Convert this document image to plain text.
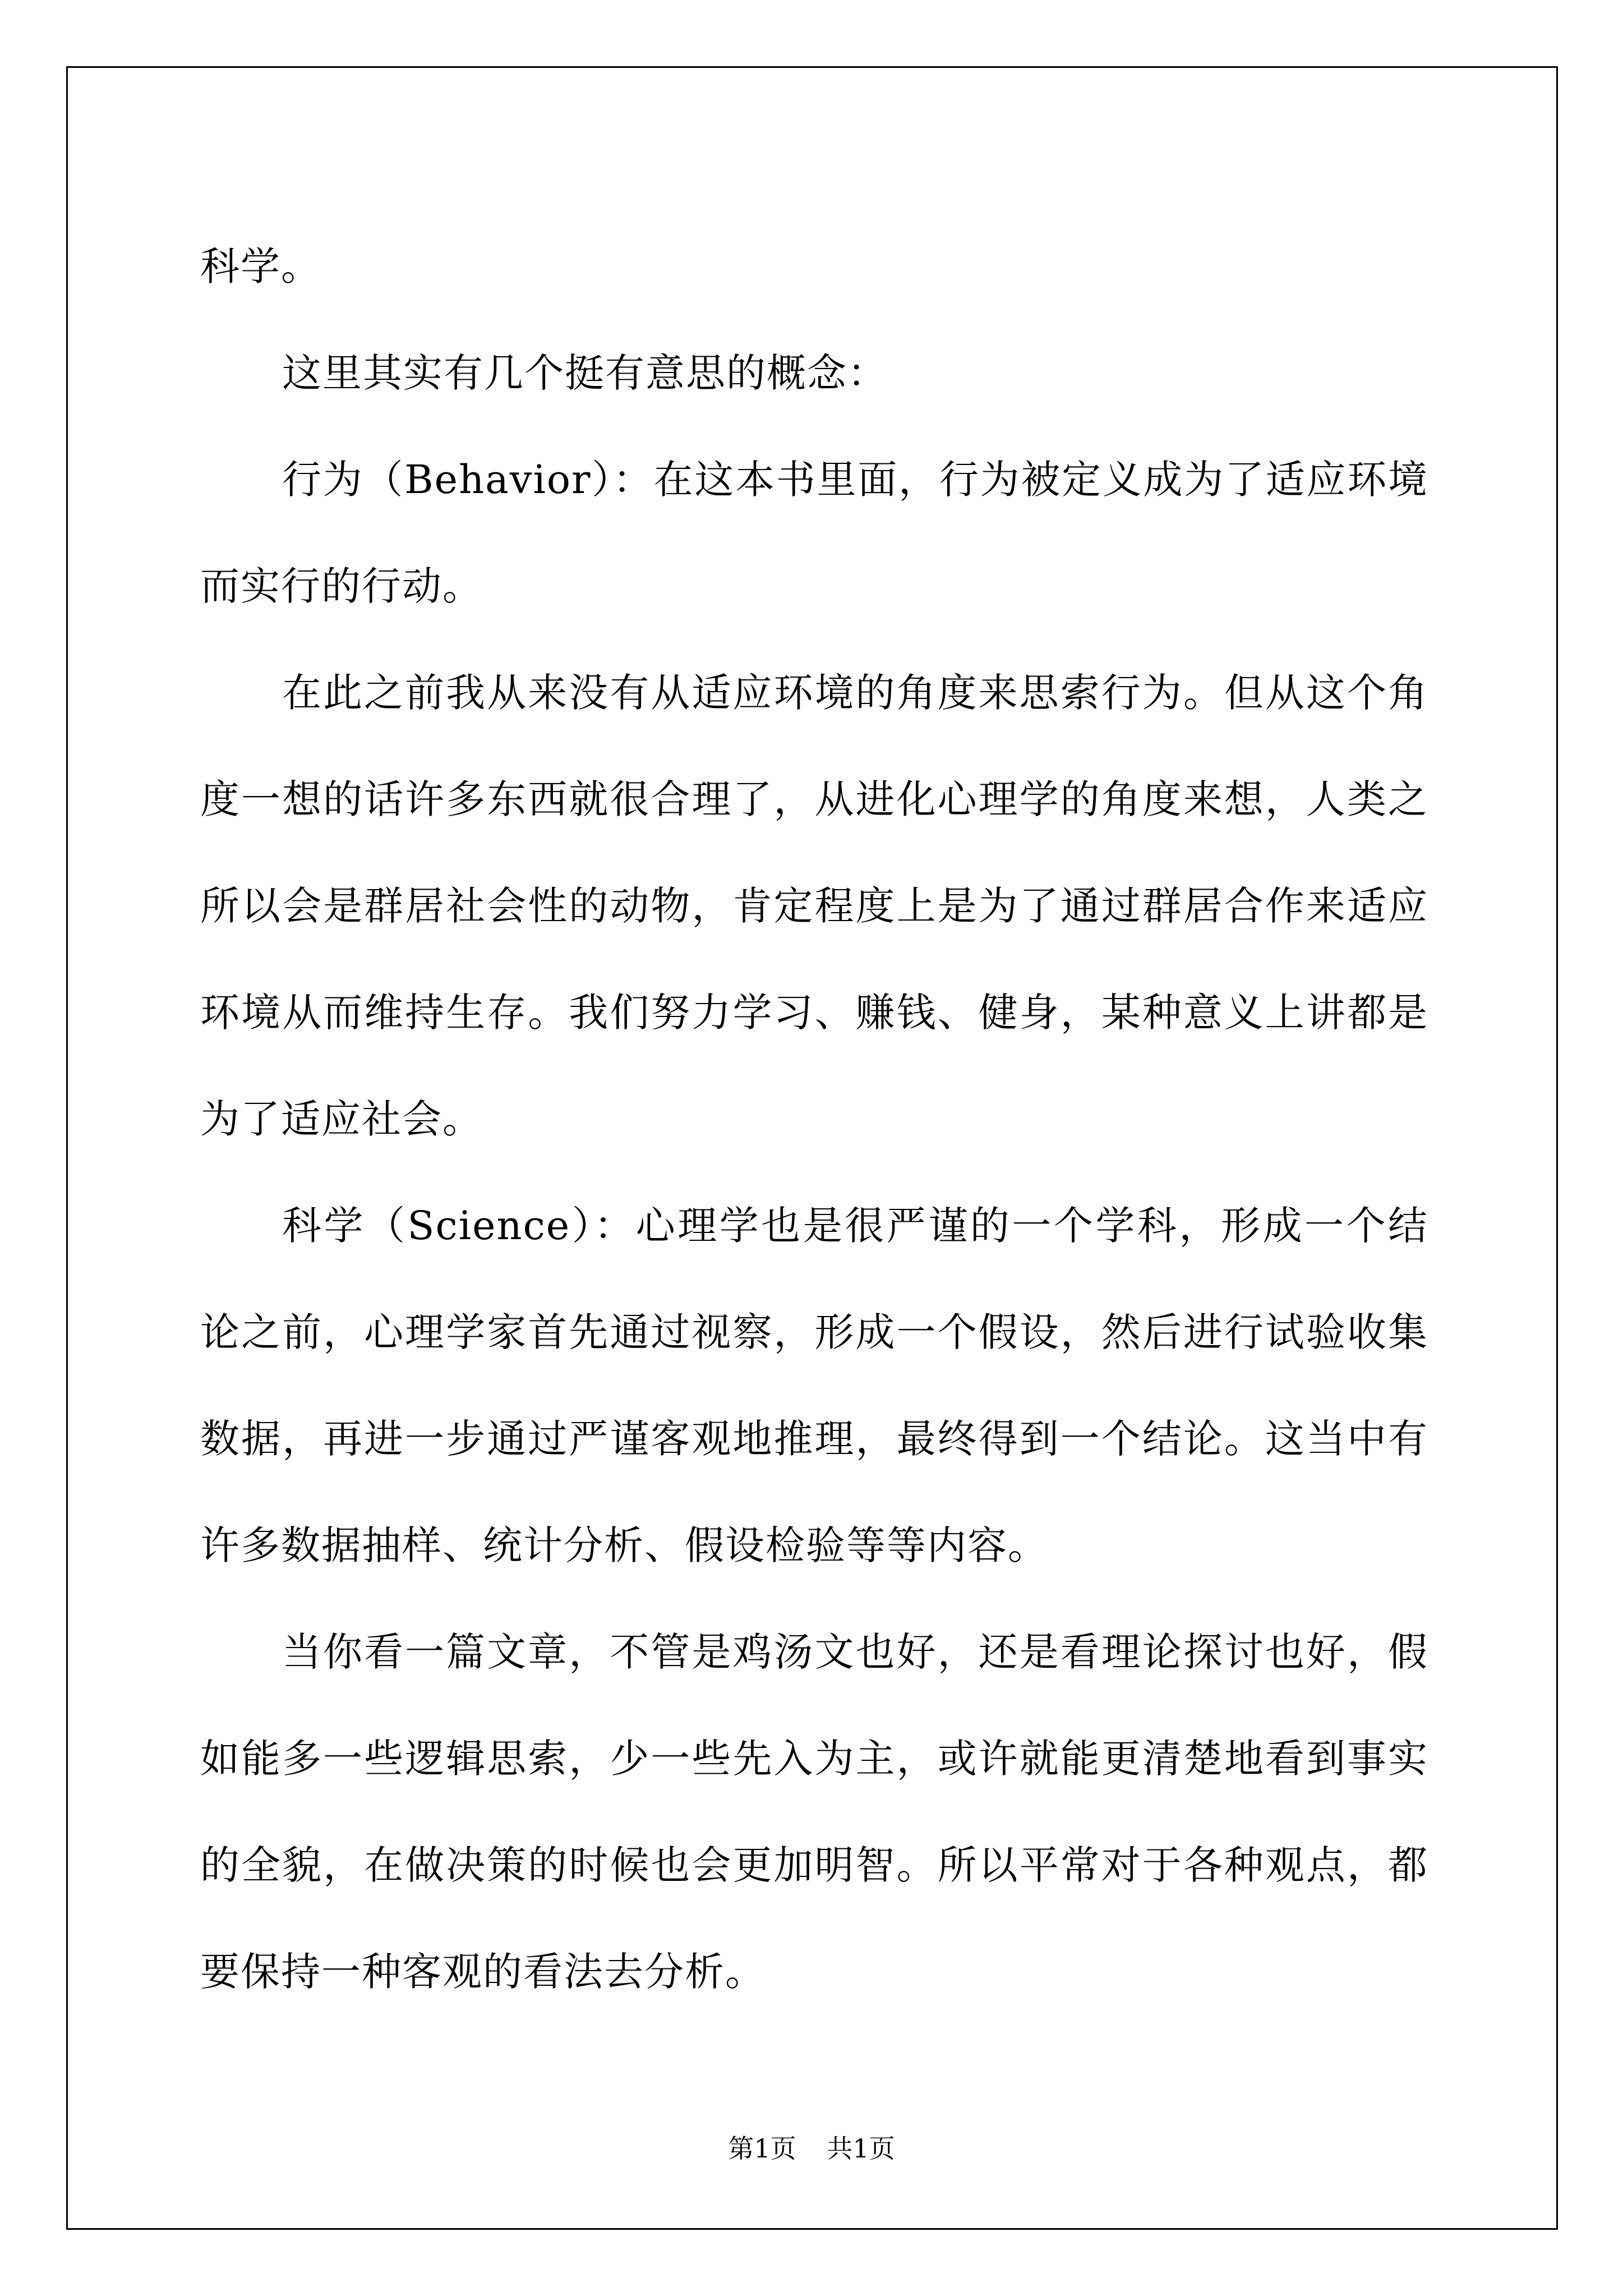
科学。

这里其实有几个挺有意思的概念：

行为（Behavior）：在这本书里面，行为被定义成为了适应环境而实行的行动。

在此之前我从来没有从适应环境的角度来思索行为。但从这个角度一想的话许多东西就很合理了，从进化心理学的角度来想，人类之所以会是群居社会性的动物，肯定程度上是为了通过群居合作来适应环境从而维持生存。我们努力学习、赚钱、健身，某种意义上讲都是为了适应社会。

科学（Science）：心理学也是很严谨的一个学科，形成一个结论之前，心理学家首先通过视察，形成一个假设，然后进行试验收集数据，再进一步通过严谨客观地推理，最终得到一个结论。这当中有许多数据抽样、统计分析、假设检验等等内容。

当你看一篇文章，不管是鸡汤文也好，还是看理论探讨也好，假如能多一些逻辑思索，少一些先入为主，或许就能更清楚地看到事实的全貌，在做决策的时候也会更加明智。所以平常对于各种观点，都要保持一种客观的看法去分析。

第1页 共1页
